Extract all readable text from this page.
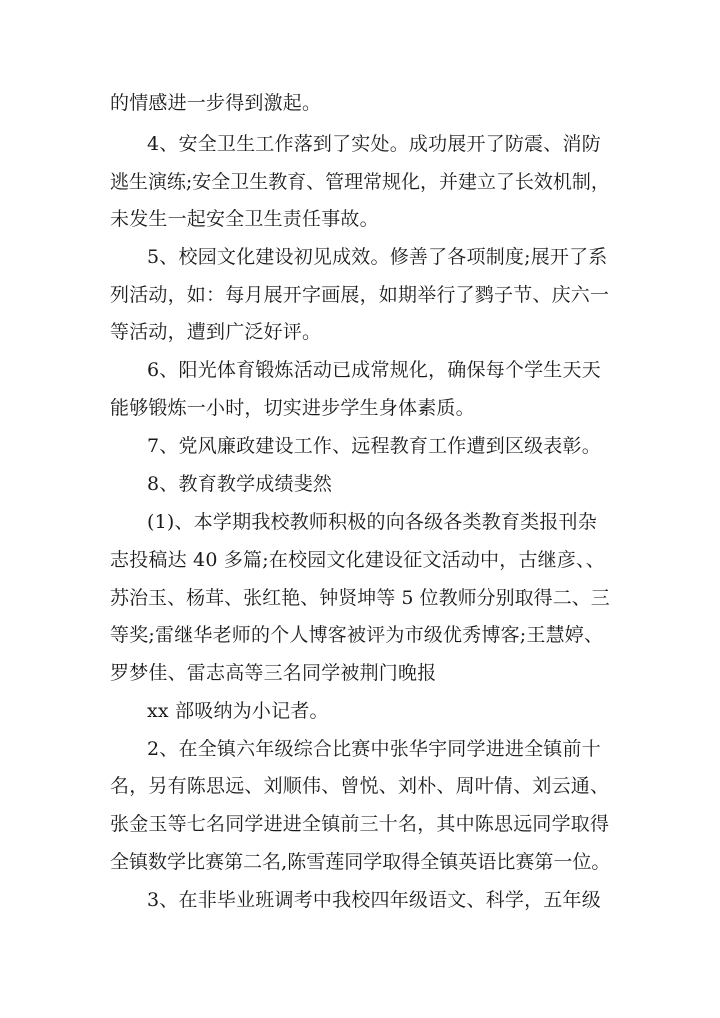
的情感进一步得到激起。
4、安全卫生工作落到了实处。成功展开了防震、消防
逃生演练;安全卫生教育、管理常规化，并建立了长效机制，
未发生一起安全卫生责任事故。
5、校园文化建设初见成效。修善了各项制度;展开了系
列活动，如：每月展开字画展，如期举行了鹨子节、庆六一
等活动，遭到广泛好评。
6、阳光体育锻炼活动已成常规化，确保每个学生天天
能够锻炼一小时，切实进步学生身体素质。
7、党风廉政建设工作、远程教育工作遭到区级表彰。
8、教育教学成绩斐然
(1)、本学期我校教师积极的向各级各类教育类报刊杂
志投稿达 40 多篇;在校园文化建设征文活动中，古继彦、、
苏治玉、杨茸、张红艳、钟贤坤等 5 位教师分别取得二、三
等奖;雷继华老师的个人博客被评为市级优秀博客;王慧婷、
罗梦佳、雷志高等三名同学被荆门晚报
xx 部吸纳为小记者。
2、在全镇六年级综合比赛中张华宇同学进进全镇前十
名，另有陈思远、刘顺伟、曾悦、刘朴、周叶倩、刘云通、
张金玉等七名同学进进全镇前三十名，其中陈思远同学取得
全镇数学比赛第二名,陈雪莲同学取得全镇英语比赛第一位。
3、在非毕业班调考中我校四年级语文、科学，五年级
